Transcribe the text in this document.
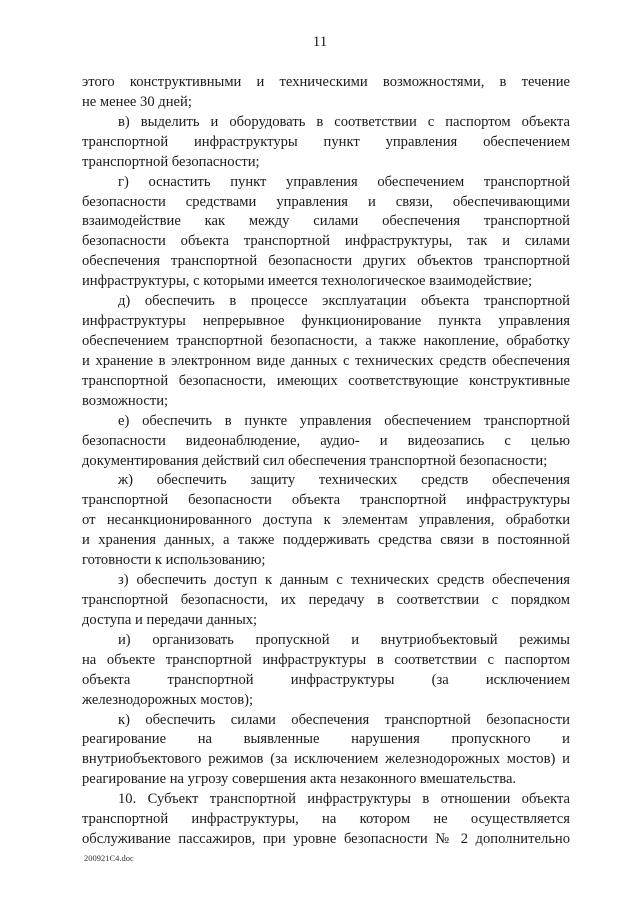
11
этого конструктивными и техническими возможностями, в течение
не менее 30 дней;
в) выделить и оборудовать в соответствии с паспортом объекта
транспортной инфраструктуры пункт управления обеспечением
транспортной безопасности;
г) оснастить пункт управления обеспечением транспортной
безопасности средствами управления и связи, обеспечивающими
взаимодействие как между силами обеспечения транспортной
безопасности объекта транспортной инфраструктуры, так и силами
обеспечения транспортной безопасности других объектов транспортной
инфраструктуры, с которыми имеется технологическое взаимодействие;
д) обеспечить в процессе эксплуатации объекта транспортной
инфраструктуры непрерывное функционирование пункта управления
обеспечением транспортной безопасности, а также накопление, обработку
и хранение в электронном виде данных с технических средств обеспечения
транспортной безопасности, имеющих соответствующие конструктивные
возможности;
е) обеспечить в пункте управления обеспечением транспортной
безопасности видеонаблюдение, аудио- и видеозапись с целью
документирования действий сил обеспечения транспортной безопасности;
ж) обеспечить защиту технических средств обеспечения
транспортной безопасности объекта транспортной инфраструктуры
от несанкционированного доступа к элементам управления, обработки
и хранения данных, а также поддерживать средства связи в постоянной
готовности к использованию;
з) обеспечить доступ к данным с технических средств обеспечения
транспортной безопасности, их передачу в соответствии с порядком
доступа и передачи данных;
и) организовать пропускной и внутриобъектовый режимы
на объекте транспортной инфраструктуры в соответствии с паспортом
объекта транспортной инфраструктуры (за исключением
железнодорожных мостов);
к) обеспечить силами обеспечения транспортной безопасности
реагирование на выявленные нарушения пропускного и
внутриобъектового режимов (за исключением железнодорожных мостов) и
реагирование на угрозу совершения акта незаконного вмешательства.
10. Субъект транспортной инфраструктуры в отношении объекта
транспортной инфраструктуры, на котором не осуществляется
обслуживание пассажиров, при уровне безопасности № 2 дополнительно
200921C4.doc
